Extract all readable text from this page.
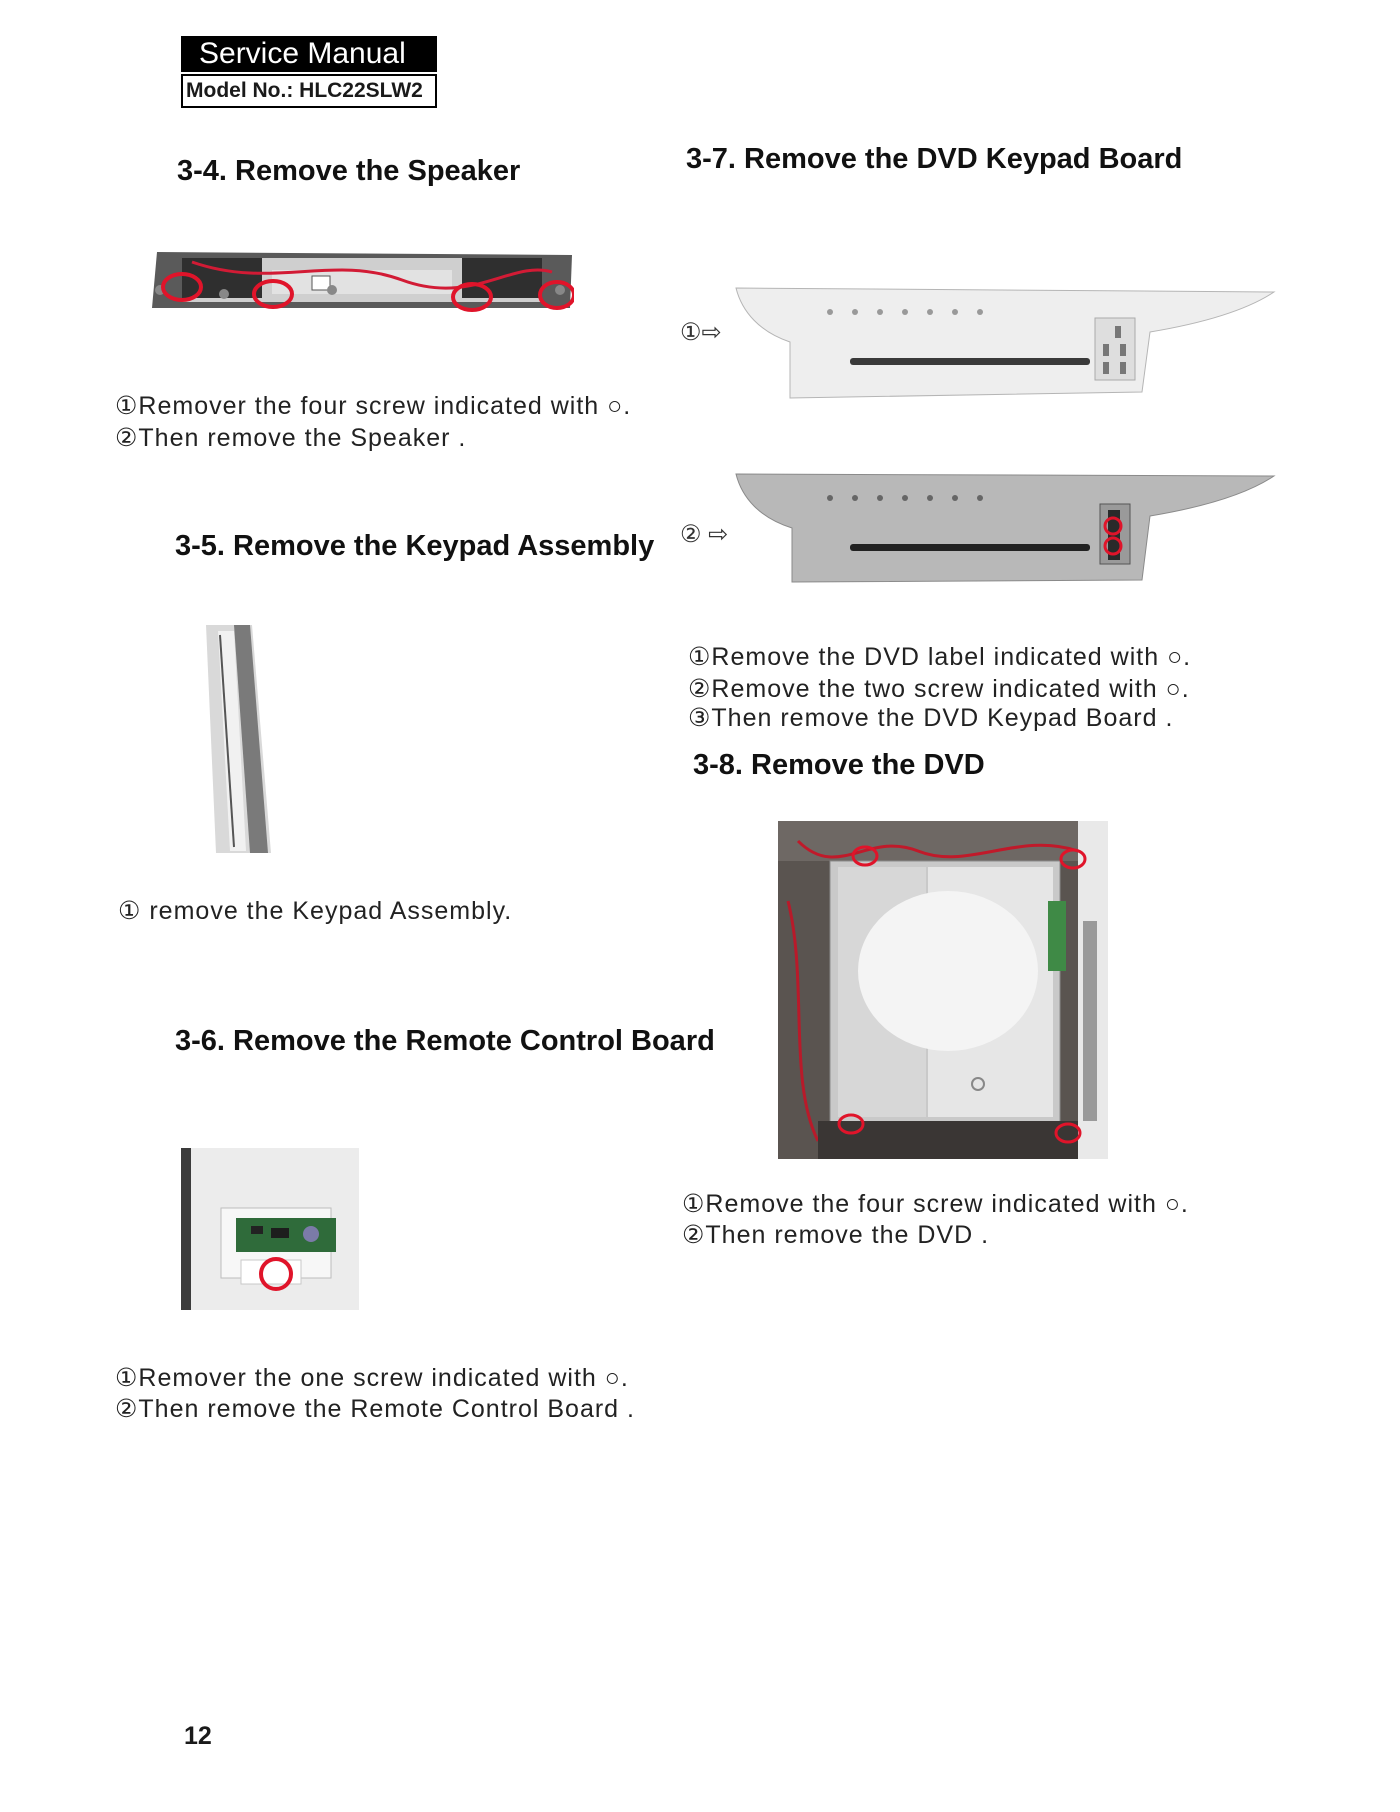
Service Manual
Model No.: HLC22SLW2
3-4. Remove the Speaker
①Remover the four screw indicated with ○.
②Then remove the Speaker .
3-5. Remove the Keypad Assembly
① remove the Keypad Assembly.
3-6. Remove the Remote Control Board
①Remover the one screw indicated with ○.
②Then remove the Remote Control Board .
3-7. Remove the DVD Keypad Board
①⇨
② ⇨
①Remove the DVD label indicated with ○.
②Remove the two screw indicated with ○.
③Then remove the DVD Keypad Board .
3-8. Remove the DVD
①Remove the four screw indicated with ○.
②Then remove the DVD .
12
